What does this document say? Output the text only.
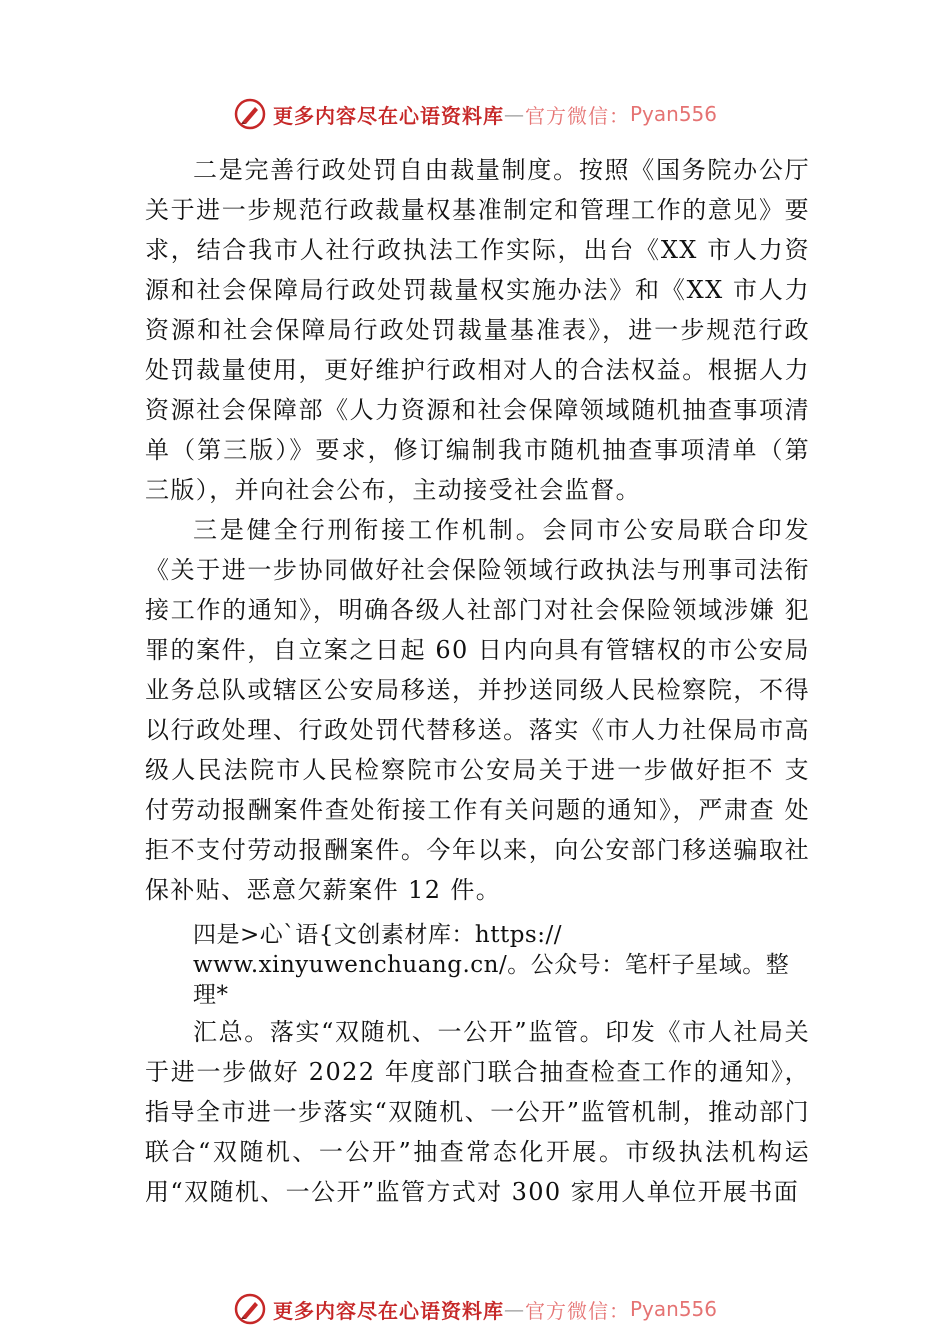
更多内容尽在心语资料库 — 官方微信： Pyan556

二是完善行政处罚自由裁量制度。按照《国务院办公厅关于进一步规范行政裁量权基准制定和管理工作的意见》要求，结合我市人社行政执法工作实际，出台《XX 市人力资源和社会保障局行政处罚裁量权实施办法》和《XX 市人力资源和社会保障局行政处罚裁量基准表》，进一步规范行政 处罚裁量使用，更好维护行政相对人的合法权益。根据人力资源社会保障部《人力资源和社会保障领域随机抽查事项清单（第三版）》要求，修订编制我市随机抽查事项清单（第三版），并向社会公布，主动接受社会监督。

三是健全行刑衔接工作机制。会同市公安局联合印发《关于进一步协同做好社会保险领域行政执法与刑事司法衔接工作的通知》，明确各级人社部门对社会保险领域涉嫌 犯罪的案件，自立案之日起 60 日内向具有管辖权的市公安局业务总队或辖区公安局移送，并抄送同级人民检察院，不得以行政处理、行政处罚代替移送。落实《市人力社保局市高级人民法院市人民检察院市公安局关于进一步做好拒不 支付劳动报酬案件查处衔接工作有关问题的通知》，严肃查 处拒不支付劳动报酬案件。今年以来，向公安部门移送骗取社保补贴、恶意欠薪案件 12 件。

四是>心`语{文创素材库：https://

www.xinyuwenchuang.cn/。公众号：笔杆子星域。整理*

汇总。落实“双随机、一公开”监管。印发《市人社局关于进一步做好 2022 年度部门联合抽查检查工作的通知》，指导全市进一步落实“双随机、一公开”监管机制，推动部门 联合“双随机、一公开”抽查常态化开展。市级执法机构运用“双随机、一公开”监管方式对 300 家用人单位开展书面

更多内容尽在心语资料库 — 官方微信： Pyan556
